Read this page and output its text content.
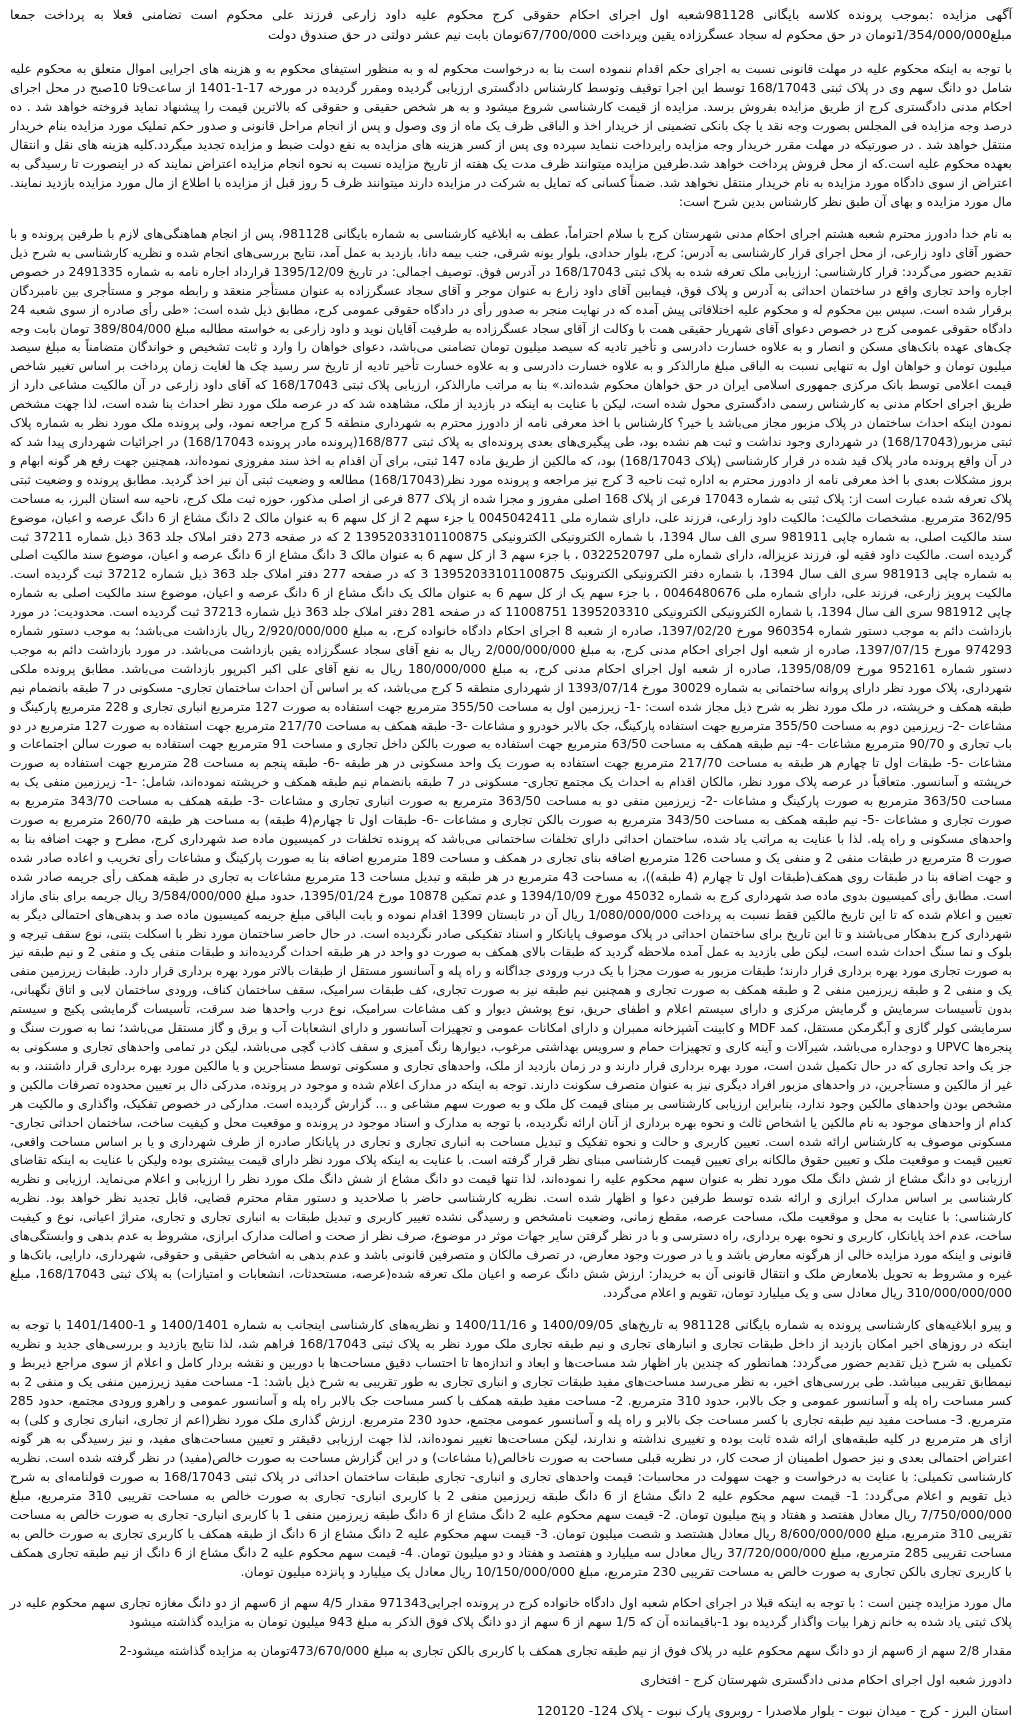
آگهی مزایده :بموجب پرونده کلاسه بایگانی 981128شعبه اول اجرای احکام حقوقی کرج محکوم علیه داود زارعی فرزند علی محکوم است تضامنی فعلا به پرداخت جمعا مبلغ1/354/000/000تومان در حق محکوم له سجاد عسگرزاده یقین وپرداخت 67/700/000تومان بابت نیم عشر دولتی در حق صندوق دولت

با توجه به اینکه محکوم علیه در مهلت قانونی نسبت به اجرای حکم اقدام ننموده است بنا به درخواست محکوم له و به منظور استیفای محکوم به و هزینه های اجرایی اموال متعلق به محکوم علیه شامل دو دانگ سهم وی در پلاک ثبتی 168/17043 توسط این اجرا توقیف وتوسط کارشناس دادگستری ارزیابی گردیده ومقرر گردیده در مورخه 17-1-1401 از ساعت9تا 10صبح در محل اجرای احکام مدنی دادگستری کرج از طریق مزایده بفروش برسد. مزایده از قیمت کارشناسی شروع میشود و به هر شخص حقیقی و حقوقی که بالاترین قیمت را پیشنهاد نماید فروخته خواهد شد . ده درصد وجه مزایده فی المجلس بصورت وجه نقد یا چک بانکی تضمینی از خریدار اخذ و الباقی ظرف یک ماه از وی وصول و پس از انجام مراحل قانونی و صدور حکم تملیک مورد مزایده بنام خریدار منتقل خواهد شد . در صورتیکه در مهلت مقرر خریدار وجه مزایده رایرداخت ننماید سپرده وی پس از کسر هزینه های مزایده به نفع دولت ضبط و مزایده تجدید میگردد.کلیه هزینه های نقل و انتقال بعهده محکوم علیه است.که از محل فروش پرداخت خواهد شد.طرفین مزایده میتوانند ظرف مدت یک هفته از تاریخ مزایده نسبت به نحوه انجام مزایده اعتراض نمایند که در اینصورت تا رسیدگی به اعتراض از سوی دادگاه مورد مزایده به نام خریدار منتقل نخواهد شد. ضمناً کسانی که تمایل به شرکت در مزایده دارند میتوانند ظرف 5 روز قبل از مزایده با اطلاع از مال مورد مزایده بازدید نمایند. مال مورد مزایده و بهای آن طبق نظر کارشناس بدین شرح است:

به نام خدا دادورز محترم شعبه هشتم اجرای احکام مدنی شهرستان کرج با سلام احتراماً، عطف به ابلاغیه کارشناسی به شماره بایگانی 981128، پس از انجام هماهنگی‌های لازم با طرفین پرونده و با حضور آقای داود زارعی، از محل اجرای قرار کارشناسی به آدرس: کرج، بلوار حدادی، بلوار یونه شرقی، جنب بیمه دانا، بازدید به عمل آمد، نتایج بررسی‌های انجام شده و نظریه کارشناسی به شرح ذیل تقدیم حضور می‌گردد: قرار کارشناسی: ارزیابی ملک تعرفه شده به پلاک ثبتی 168/17043 در آدرس فوق. توصیف اجمالی: در تاریخ 1395/12/09 قرارداد اجاره نامه به شماره 2491335 در خصوص اجاره واحد تجاری واقع در ساختمان احداثی به آدرس و پلاک فوق، فیمابین آقای داود زارع به عنوان موجر و آقای سجاد عسگرزاده به عنوان مستأجر منعقد و رابطه موجر و مستأجری بین نامبردگان برقرار شده است. سپس بین محکوم له و محکوم علیه اختلافاتی پیش آمده که در نهایت منجر به صدور رأی در دادگاه حقوقی عمومی کرج، مطابق ذیل شده است: «طی رأی صادره از سوی شعبه 24 دادگاه حقوقی عمومی کرج در خصوص دعوای آقای شهریار حقیقی همت با وکالت از آقای سجاد عسگرزاده به طرفیت آقایان نوید و داود زارعی به خواسته مطالبه مبلغ 389/804/000 تومان بابت وجه چک‌های عهده بانک‌های مسکن و انصار و به علاوه خسارت دادرسی و تأخیر تادیه که سیصد میلیون تومان تضامنی می‌باشد، دعوای خواهان را وارد و ثابت تشخیص و خواندگان متضامناً به مبلغ سیصد میلیون تومان و خواهان اول به تنهایی نسبت به الباقی مبلغ مارالذکر و به علاوه خسارت دادرسی و به علاوه خسارت تأخیر تادیه از تاریخ سر رسید چک ها لغایت زمان پرداخت بر اساس تغییر شاخص قیمت اعلامی توسط بانک مرکزی جمهوری اسلامی ایران در حق خواهان محکوم شده‌اند.» بنا به مراتب مارالذکر، ارزیابی پلاک ثبتی 168/17043 که آقای داود زارعی در آن مالکیت مشاعی دارد از طریق اجرای احکام مدنی به کارشناس رسمی دادگستری محول شده است، لیکن با عنایت به اینکه در بازدید از ملک، مشاهده شد که در عرصه ملک مورد نظر احداث بنا شده است، لذا جهت مشخص نمودن اینکه احداث ساختمان در پلاک مزبور مجاز می‌باشد یا خیر؟ کارشناس با اخذ معرفی نامه از دادورز محترم به شهرداری منطقه 5 کرج مراجعه نمود، ولی پرونده ملک مورد نظر به شماره پلاک ثبتی مزبور(168/17043) در شهرداری وجود نداشت و ثبت هم نشده بود، طی پیگیری‌های بعدی پرونده‌ای به پلاک ثبتی 168/877(پرونده مادر پرونده 168/17043) در اجرائیات شهرداری پیدا شد که در آن واقع پرونده مادر پلاک قید شده در قرار کارشناسی (پلاک 168/17043) بود، که مالکین از طریق ماده 147 ثبتی، برای آن اقدام به اخذ سند مفروزی نموده‌اند، همچنین جهت رفع هر گونه ابهام و بروز مشکلات بعدی با اخذ معرفی نامه از دادورز محترم به اداره ثبت ناحیه 3 کرج نیز مراجعه و پرونده مورد نظر(168/17043) مطالعه و وضعیت ثبتی آن نیز اخذ گردید. مطابق پرونده و وضعیت ثبتی پلاک تعرفه شده عبارت است از: پلاک ثبتی به شماره 17043 فرعی از پلاک 168 اصلی مفروز و مجزا شده از پلاک 877 فرعی از اصلی مذکور، حوزه ثبت ملک کرج، ناحیه سه استان البرز، به مساحت 362/95 مترمربع. مشخصات مالکیت: مالکیت داود زارعی، فرزند علی، دارای شماره ملی 0045042411 با جزء سهم 2 از کل سهم 6 به عنوان مالک 2 دانگ مشاع از 6 دانگ عرصه و اعیان، موضوع سند مالکیت اصلی، به شماره چاپی 981911 سری الف سال 1394، با شماره الکترونیکی الکترونیکی 13952033101100875 2 که در صفحه 273 دفتر املاک جلد 363 ذیل شماره 37211 ثبت گردیده است. مالکیت داود فقیه لو، فرزند عزیزاله، دارای شماره ملی 0322520797 ، با جزء سهم 3 از کل سهم 6 به عنوان مالک 3 دانگ مشاع از 6 دانگ عرصه و اعیان، موضوع سند مالکیت اصلی به شماره چاپی 981913 سری الف سال 1394، با شماره دفتر الکترونیکی الکترونیک 13952033101100875 3 که در صفحه 277 دفتر املاک جلد 363 ذیل شماره 37212 ثبت گردیده است. مالکیت پرویز زارعی، فرزند علی، دارای شماره ملی 0046480676 ، با جزء سهم یک از کل سهم 6 به عنوان مالک یک دانگ مشاع از 6 دانگ عرصه و اعیان، موضوع سند مالکیت اصلی به شماره چاپی 981912 سری الف سال 1394، با شماره الکترونیکی الکترونیکی 1395203310 11008751 که در صفحه 281 دفتر املاک جلد 363 ذیل شماره 37213 ثبت گردیده است. محدودیت: در مورد بازداشت دائم به موجب دستور شماره 960354 مورخ 1397/02/20، صادره از شعبه 8 اجرای احکام دادگاه خانواده کرج، به مبلغ 2/920/000/000 ریال بازداشت می‌باشد؛ به موجب دستور شماره 974293 مورخ 1397/07/15، صادره از شعبه اول اجرای احکام مدنی کرج، به مبلغ 2/000/000/000 ریال به نفع آقای سجاد عسگرزاده یقین بازداشت می‌باشد. در مورد بازداشت دائم به موجب دستور شماره 952161 مورخ 1395/08/09، صادره از شعبه اول اجرای احکام مدنی کرج، به مبلغ 180/000/000 ریال به نفع آقای علی اکبر اکبرپور بازداشت می‌باشد. مطابق پرونده ملکی شهرداری، پلاک مورد نظر دارای پروانه ساختمانی به شماره 30029 مورخ 1393/07/14 از شهرداری منطقه 5 کرج می‌باشد، که بر اساس آن احداث ساختمان تجاری- مسکونی در 7 طبقه بانضمام نیم طبقه همکف و خرپشته، در ملک مورد نظر به شرح ذیل مجاز شده است: -1- زیرزمین اول به مساحت 355/50 مترمربع جهت استفاده به صورت 127 مترمربع انباری تجاری و 228 مترمربع پارکینگ و مشاعات -2- زیرزمین دوم به مساحت 355/50 مترمربع جهت استفاده پارکینگ، جک بالابر خودرو و مشاعات -3- طبقه همکف به مساحت 217/70 مترمربع جهت استفاده به صورت 127 مترمربع در دو باب تجاری و 90/70 مترمربع مشاعات -4- نیم طبقه همکف به مساحت 63/50 مترمربع جهت استفاده به صورت بالکن داخل تجاری و مساحت 91 مترمربع جهت استفاده به صورت سالن اجتماعات و مشاعات -5- طبقات اول تا چهارم هر طبقه به مساحت 217/70 مترمربع جهت استفاده به صورت یک واحد مسکونی در هر طبقه -6- طبقه پنجم به مساحت 28 مترمربع جهت استفاده به صورت خرپشته و آسانسور. متعاقباً در عرصه پلاک مورد نظر، مالکان اقدام به احداث یک مجتمع تجاری- مسکونی در 7 طبقه بانضمام نیم طبقه همکف و خرپشته نموده‌اند، شامل: -1- زیرزمین منفی یک به مساحت 363/50 مترمربع به صورت پارکینگ و مشاعات -2- زیرزمین منفی دو به مساحت 363/50 مترمربع به صورت انباری تجاری و مشاعات -3- طبقه همکف به مساحت 343/70 مترمربع به صورت تجاری و مشاعات -5- نیم طبقه همکف به مساحت 343/50 مترمربع به صورت بالکن تجاری و مشاعات -6- طبقات اول تا چهارم(4 طبقه) به مساحت هر طبقه 260/70 مترمربع به صورت واحدهای مسکونی و راه پله. لذا با عنایت به مراتب یاد شده، ساختمان احداثی دارای تخلفات ساختمانی می‌باشد که پرونده تخلفات در کمیسیون ماده صد شهرداری کرج، مطرح و جهت اضافه بنا به صورت 8 مترمربع در طبقات منفی 2 و منفی یک و مساحت 126 مترمربع اضافه بنای تجاری در همکف و مساحت 189 مترمربع اضافه بنا به صورت پارکینگ و مشاعات رأی تخریب و اعاده صادر شده و جهت اضافه بنا در طبقات روی همکف(طبقات اول تا چهارم (4 طبقه))، به مساحت 43 مترمربع در هر طبقه و تبدیل مساحت 13 مترمربع مشاعات به تجاری در طبقه همکف رأی جریمه صادر شده است. مطابق رأی کمیسیون بدوی ماده صد شهرداری کرج به شماره 45032 مورخ 1394/10/09 و عدم تمکین 10878 مورخ 1395/01/24، حدود مبلغ 3/584/000/000 ریال جریمه برای بنای مازاد تعیین و اعلام شده که تا این تاریخ مالکین فقط نسبت به پرداخت 1/080/000/000 ریال آن در تابستان 1399 اقدام نموده و بابت الباقی مبلغ جریمه کمیسیون ماده صد و بدهی‌های احتمالی دیگر به شهرداری کرج بدهکار می‌باشند و تا این تاریخ برای ساختمان احداثی در پلاک موصوف پایانکار و اسناد تفکیکی صادر نگردیده است. در حال حاضر ساختمان مورد نظر با اسکلت بتنی، نوع سقف تیرچه و بلوک و نما سنگ احداث شده است، لیکن طی بازدید به عمل آمده ملاحظه گردید که طبقات بالای همکف به صورت دو واحد در هر طبقه احداث گردیده‌اند و طبقات منفی یک و منفی 2 و نیم طبقه نیز به صورت تجاری مورد بهره برداری قرار دارند؛ طبقات مزبور به صورت مجزا با یک درب ورودی جداگانه و راه پله و آسانسور مستقل از طبقات بالاتر مورد بهره برداری قرار دارد. طبقات زیرزمین منفی یک و منفی 2 و طبقه زیرزمین منفی 2 و طبقه همکف به صورت تجاری و همچنین نیم طبقه نیز به صورت تجاری، کف طبقات سرامیک، سقف ساختمان کناف، ورودی ساختمان لابی و اتاق نگهبانی، بدون تأسیسات سرمایش و گرمایش مرکزی و دارای سیستم اعلام و اطفای حریق، نوع پوشش دیوار و کف مشاعات سرامیک، نوع درب واحدها ضد سرقت، تأسیسات گرمایشی پکیج و سیستم سرمایشی کولر گازی و آبگرمکن مستقل، کمد MDF و کابینت آشپزخانه ممبران و دارای امکانات عمومی و تجهیزات آسانسور و دارای انشعابات آب و برق و گاز مستقل می‌باشد؛ نما به صورت سنگ و پنجره‌ها UPVC و دوجداره می‌باشد، شیرآلات و آینه کاری و تجهیزات حمام و سرویس بهداشتی مرغوب، دیوارها رنگ آمیزی و سقف کاذب گچی می‌باشد، لیکن در تمامی واحدهای تجاری و مسکونی به جز یک واحد تجاری که در حال تکمیل شدن است، مورد بهره برداری قرار دارند و در زمان بازدید از ملک، واحدهای تجاری و مسکونی توسط مستأجرین و یا مالکین مورد بهره برداری قرار داشتند، و به غیر از مالکین و مستأجرین، در واحدهای مزبور افراد دیگری نیز به عنوان متصرف سکونت دارند. توجه به اینکه در مدارک اعلام شده و موجود در پرونده، مدرکی دال بر تعیین محدوده تصرفات مالکین و مشخص بودن واحدهای مالکین وجود ندارد، بنابراین ارزیابی کارشناسی بر مبنای قیمت کل ملک و به صورت سهم مشاعی و ... گزارش گردیده است. مدارکی در خصوص تفکیک، واگذاری و مالکیت هر کدام از واحدهای موجود به نام مالکین یا اشخاص ثالث و نحوه بهره برداری از آنان ارائه نگردیده، با توجه به مدارک و اسناد موجود در پرونده و موقعیت محل و کیفیت ساخت، ساختمان احداثی تجاری-مسکونی موصوف به کارشناس ارائه شده است. تعیین کاربری و حالت و نحوه تفکیک و تبدیل مساحت به انباری تجاری و تجاری در پایانکار صادره از طرف شهرداری و یا بر اساس مساحت واقعی، تعیین قیمت و موقعیت ملک و تعیین حقوق مالکانه برای تعیین قیمت کارشناسی مبنای نظر قرار گرفته است. با عنایت به اینکه پلاک مورد نظر دارای قیمت بیشتری بوده ولیکن با عنایت به اینکه تقاضای ارزیابی دو دانگ مشاع از شش دانگ ملک مورد نظر به عنوان سهم محکوم علیه را نموده‌اند، لذا تنها قیمت دو دانگ مشاع از شش دانگ ملک مورد نظر را ارزیابی و اعلام می‌نماید. ارزیابی و نظریه کارشناسی بر اساس مدارک ابرازی و ارائه شده توسط طرفین دعوا و اظهار شده است. نظریه کارشناسی حاضر با صلاحدید و دستور مقام محترم قضایی، قابل تجدید نظر خواهد بود. نظریه کارشناسی: با عنایت به محل و موقعیت ملک، مساحت عرصه، مقطع زمانی، وضعیت نامشخص و رسیدگی نشده تغییر کاربری و تبدیل طبقات به انباری تجاری و تجاری، متراژ اعیانی، نوع و کیفیت ساخت، عدم اخذ پایانکار، کاربری و نحوه بهره برداری، راه دسترسی و با در نظر گرفتن سایر جهات موثر در موضوع، صرف نظر از صحت و اصالت مدارک ابرازی، مشروط به عدم بدهی و وابستگی‌های قانونی و اینکه مورد مزایده خالی از هرگونه معارض باشد و یا در صورت وجود معارض، در تصرف مالکان و متصرفین قانونی باشد و عدم بدهی به اشخاص حقیقی و حقوقی، شهرداری، دارایی، بانک‌ها و غیره و مشروط به تحویل بلامعارض ملک و انتقال قانونی آن به خریدار: ارزش شش دانگ عرصه و اعیان ملک تعرفه شده(عرصه، مستحدثات، انشعابات و امتیازات) به پلاک ثبتی 168/17043، مبلغ 310/000/000/000 ریال معادل سی و یک میلیارد تومان، تقویم و اعلام می‌گردد.

و پیرو ابلاغیه‌های کارشناسی پرونده به شماره بایگانی 981128 به تاریخ‌های 1400/09/05 و 1400/11/16 و نظریه‌های کارشناسی اینجانب به شماره 1400/1401 و 1-1401/1400 با توجه به اینکه در روزهای اخیر امکان بازدید از داخل طبقات تجاری و انبارهای تجاری و نیم طبقه تجاری ملک مورد نظر به پلاک ثبتی 168/17043 فراهم شد، لذا نتایج بازدید و بررسی‌های جدید و نظریه تکمیلی به شرح ذیل تقدیم حضور می‌گردد: همانطور که چندین بار اظهار شد مساحت‌ها و ابعاد و اندازه‌ها تا احتساب دقیق مساحت‌ها با دوربین و نقشه بردار کامل و اعلام از سوی مراجع ذیربط و نیمطابق تقریبی میباشد. طی بررسی‌های اخیر، به نظر می‌رسد مساحت‌های مفید طبقات تجاری و انباری تجاری به طور تقریبی به شرح ذیل باشد: 1- مساحت مفید زیرزمین منفی یک و منفی 2 به کسر مساحت راه پله و آسانسور عمومی و جک بالابر، حدود 310 مترمربع. 2- مساحت مفید طبقه همکف با کسر مساحت جک بالابر راه پله و آسانسور عمومی و راهرو ورودی مجتمع، حدود 285 مترمربع. 3- مساحت مفید نیم طبقه تجاری با کسر مساحت جک بالابر و راه پله و آسانسور عمومی مجتمع، حدود 230 مترمربع. ارزش گذاری ملک مورد نظر(اعم از تجاری، انباری تجاری و کلی) به ازای هر مترمربع در کلیه طبقه‌های ارائه شده ثابت بوده و تغییری نداشته و ندارند، لیکن مساحت‌ها تغییر نموده‌اند، لذا جهت ارزیابی دقیقتر و تعیین مساحت‌های مفید، و نیز رسیدگی به هر گونه اعتراض احتمالی بعدی و نیز حصول اطمینان از صحت کار، در نظریه قبلی مساحت به صورت ناخالص(با مشاعات) و در این گزارش مساحت به صورت خالص(مفید) در نظر گرفته شده است. نظریه کارشناسی تکمیلی: با عنایت به درخواست و جهت سهولت در محاسبات: قیمت واحدهای تجاری و انباری- تجاری طبقات ساختمان احداثی در پلاک ثبتی 168/17043 به صورت قولنامه‌ای به شرح ذیل تقویم و اعلام می‌گردد: 1- قیمت سهم محکوم علیه 2 دانگ مشاع از 6 دانگ طبقه زیرزمین منفی 2 با کاربری انباری- تجاری به صورت خالص به مساحت تقریبی 310 مترمربع، مبلغ 7/750/000/000 ریال معادل هفتصد و هفتاد و پنج میلیون تومان. 2- قیمت سهم محکوم علیه 2 دانگ مشاع از 6 دانگ طبقه زیرزمین منفی 1 با کاربری انباری- تجاری به صورت خالص به مساحت تقریبی 310 مترمربع، مبلغ 8/600/000/000 ریال معادل هشتصد و شصت میلیون تومان. 3- قیمت سهم محکوم علیه 2 دانگ مشاع از 6 دانگ از طبقه همکف با کاربری تجاری به صورت خالص به مساحت تقریبی 285 مترمربع، مبلغ 37/720/000/000 ریال معادل سه میلیارد و هفتصد و هفتاد و دو میلیون تومان. 4- قیمت سهم محکوم علیه 2 دانگ مشاع از 6 دانگ از نیم طبقه تجاری همکف با کاربری تجاری بالکن تجاری به صورت خالص به مساحت تقریبی 230 مترمربع، مبلغ 10/150/000/000 ریال معادل یک میلیارد و پانزده میلیون تومان.

مال مورد مزایده چنین است : با توجه به اینکه قبلا در اجرای احکام شعبه اول دادگاه خانواده کرج در پرونده اجرایی971343 مقدار 4/5 سهم از 6سهم از دو دانگ مغازه تجاری سهم محکوم علیه در پلاک ثبتی یاد شده به خانم زهرا بیات واگذار گردیده بود 1-باقیمانده آن که 1/5 سهم از 6 سهم از دو دانگ پلاک فوق الذکر به مبلغ 943 میلیون تومان به مزایده گذاشته میشود

مقدار 2/8 سهم از 6سهم از دو دانگ سهم محکوم علیه در پلاک فوق از نیم طبقه تجاری همکف با کاربری بالکن تجاری به مبلغ 473/670/000تومان به مزایده گذاشته میشود-2

دادورز شعبه اول اجرای احکام مدنی دادگستری شهرستان کرج - افتخاری

استان البرز - کرج - میدان نبوت - بلوار ملاصدرا - روبروی پارک نبوت - پلاک 124- 120120
